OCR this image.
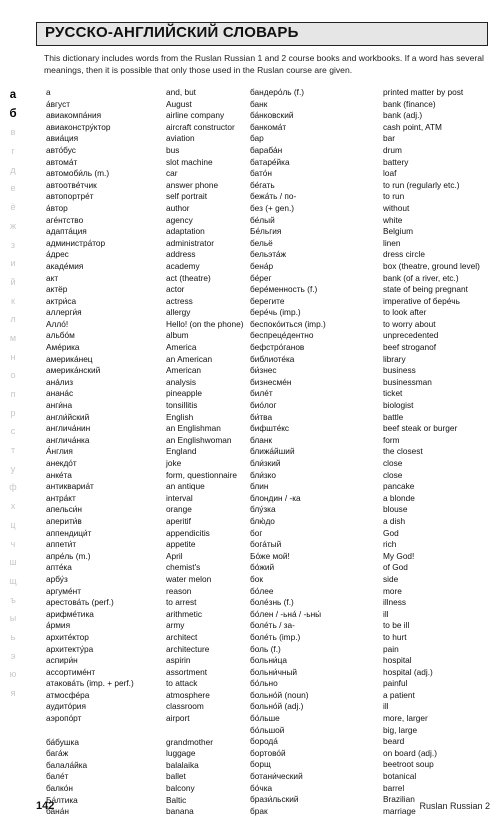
РУССКО-АНГЛИЙСКИЙ СЛОВАРЬ
This dictionary includes words from the Ruslan Russian 1 and 2 course books and workbooks. If a word has several meanings, then it is possible that only those used in the Ruslan course are given.
а
б
в
г
д
е
ё
ж
з
и
й
к
л
м
н
о
п
р
с
т
у
ф
х
ц
ч
ш
щ
ъ
ы
ь
э
ю
я
а
а́вгуст
авиакомпа́ния
авиаконстру́ктор
авиа́ция
авто́бус
автома́т
автомоби́ль (m.)
автоотве́тчик
автопортре́т
а́втор
аге́нтство
адапта́ция
администра́тор
а́дрес
акаде́мия
акт
актёр
актри́са
аллерги́я
Алло́!
альбо́м
Аме́рика
америка́нец
америка́нский
ана́лиз
анана́с
анги́на
англи́йский
англича́нин
англича́нка
А́нглия
анекдо́т
анке́та
антиквариа́т
антра́кт
апельси́н
аперити́в
аппендици́т
аппети́т
апре́ль (m.)
апте́ка
арбу́з
аргуме́нт
арестова́ть (perf.)
арифме́тика
а́рмия
архите́ктор
архитекту́ра
аспири́н
ассортиме́нт
атакова́ть (imp. + perf.)
атмосфе́ра
аудито́рия
аэропо́рт
ба́бушка
бага́ж
балала́йка
бале́т
балко́н
Ба́лтика
бана́н
and, but
August
airline company
aircraft constructor
aviation
bus
slot machine
car
answer phone
self portrait
author
agency
adaptation
administrator
address
academy
act (theatre)
actor
actress
allergy
Hello! (on the phone)
album
America
an American
American
analysis
pineapple
tonsillitis
English
an Englishman
an Englishwoman
England
joke
form, questionnaire
an antique
interval
orange
aperitif
appendicitis
appetite
April
chemist's
water melon
reason
to arrest
arithmetic
army
architect
architecture
aspirin
assortment
to attack
atmosphere
classroom
airport
grandmother
luggage
balalaika
ballet
balcony
Baltic
banana
бандеро́ль (f.)
банк
ба́нковский
банкома́т
бар
бараба́н
батаре́йка
бато́н
бе́гать
бежа́ть / по-
без (+ gen.)
бе́лый
Бе́льгия
бельё
бельэта́ж
бена́р
бе́рег
бере́менность (f.)
берегите
бере́чь (imp.)
беспоко́иться (imp.)
беспреце́дентно
бефстро́ганов
библиоте́ка
би́знес
бизнесме́н
биле́т
био́лог
би́тва
бифште́кс
бланк
ближа́йший
бли́зкий
бли́зко
блин
блондин / -ка
блу́зка
блю́до
бог
бога́тый
Бо́же мой!
бо́жий
бок
бо́лее
боле́знь (f.)
бо́лен / -ьна́ / -ьны́
боле́ть / за-
боле́ть (imp.)
боль (f.)
больни́ца
больни́чный
бо́льно
больно́й (noun)
больно́й (adj.)
бо́льше
бо́льшой
борода́
бортово́й
борщ
ботани́ческий
бо́чка
брази́льский
брак
printed matter by post
bank (finance)
bank (adj.)
cash point, ATM
bar
drum
battery
loaf
to run (regularly etc.)
to run
without
white
Belgium
linen
dress circle
box (theatre, ground level)
bank (of a river, etc.)
state of being pregnant
imperative of бере́чь
to look after
to worry about
unprecedented
beef stroganof
library
business
businessman
ticket
biologist
battle
beef steak or burger
form
the closest
close
close
pancake
a blonde
blouse
a dish
God
rich
My God!
of God
side
more
illness
ill
to be ill
to hurt
pain
hospital
hospital (adj.)
painful
a patient
ill
more, larger
big, large
beard
on board (adj.)
beetroot soup
botanical
barrel
Brazilian
marriage
142	Ruslan Russian 2
